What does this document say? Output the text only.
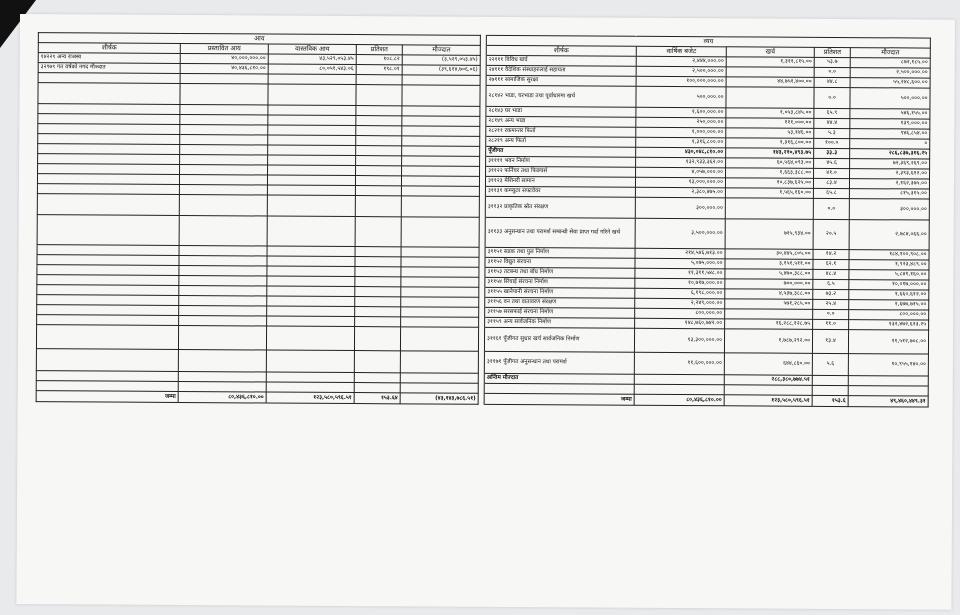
आय						व्यय				
शीर्षक	प्रस्तावित आय	वास्तविक आय	प्रतिशत	मौज्दात		शीर्षक	वार्षिक बजेट	खर्च	प्रतिशत	मौज्दात
१४२२९ अन्य राजस्व	४०,०००,०००.००	४३,५२९,०५३.४५	१०८.८२	(३,५२९,०५३.४५)		२२१११ विविध खर्च	२,४४४,०००.००	१,३११,८१५.००	५३.७	८७२,१८५.००
३२९७९ गत वर्षको नगद मौज्दात	४०,४३६,८१०.००	८०,०५१,५४३.०६	१९८.०१	(३९,६१४,७०६.०६)		२४१११ वैदेशिक संस्थाहरुलाई सहायता	२,५००,०००.००		०.०	२,५००,०००.००
						२७१११ सामाजिक सुरक्षा	१००,०००,०००.००	४४,७५१,४००.००	४४.८	५५,२४८,६००.००
						२८१४२ भाडा, घरभाडा तथा पूर्वाधारमा खर्च	५००,०००.००		०.०	५००,०००.००
						२८१४३ घर भाडा	१,६००,०००.००	१,०५३,८४५.००	६५.९	५४६,१५५.००
						२८१४९ अन्य भाडा	२५०,०००.००	१११,०००.००	४४.४	१३९,०००.००
						२८२११ रकमान्तर फिर्ता	१,०००,०००.००	५३,१४६.००	५.३	९४६,८५४.००
						२८२१९ अन्य फिर्ता	१,३१६,८००.००	१,३१६,८००.००	१००.०	०
						पूँजीगत	४३०,०४८,८१०.००	१४३,२१०,४९३.७५	३३.३	२८६,८३७,३१६.२५
						३११११ भवन निर्माण	१३२,९३३,३६२.००	६०,५६४,०९३.००	४५.६	७२,३६९,२६९.००
						३११२२ फर्निचर तथा फिक्चर्स	४,०५७,०००.००	१,६६३,३८८.००	४१.०	२,३९३,६१२.००
						३११२३ मेशिनरी सामान	१३,०००,०००.००	१०,८३७,६२५.००	८३.४	२,१६२,३७५.००
						३११३१ कम्प्युटर सफ्टवेयर	२,३८०,४७५.००	१,५६५,१६०.००	६५.८	८१५,३१५.००
						३११३२ प्राकृतिक स्रोत संरक्षण	३००,०००.००		०.०	३००,०००.००
						३११३३ अनुसन्धान तथा परामर्श सम्बन्धी सेवा प्राप्त गर्दा गरिने खर्च	३,५००,०००.००	७१५,९३४.००	२०.५	२,७८४,०६६.००
						३११५१ सडक तथा पुल निर्माण	२१४,५४६,७१३.००	३०,४४५,८०५.००	१४.२	१८४,१००,९०८.००
						३११५२ विद्युत संरचना	५,०७५,०००.००	३,१५१,५११.००	६२.१	१,९२३,४८९.००
						३११५३ तटबन्ध तथा बाँध निर्माण	११,३११,५४८.००	५,४७०,३८८.००	४८.४	५,८४१,१६०.००
						३११५४ सिंचाई संरचना निर्माण	१०,७१७,०००.००	७००,०००.००	६.५	१०,०१७,०००.००
						३११५५ खानेपानी संरचना निर्माण	६,१९८,०००.००	४,५३७,३८८.००	७३.२	१,६६०,६१२.००
						३११५६ वन तथा वातावरण संरक्षण	२,२४९,०००.००	५७१,२८५.००	२५.४	१,६७७,७१५.००
						३११५७ सरसफाई संरचना निर्माण	८००,०००.००		०.०	८००,०००.००
						३११५९ अन्य सार्वजनिक निर्माण	१४८,७६०,७४२.००	१६,२८८,१२८.७५	११.०	१३२,४७२,६१३.२५
						३११६१ पूँजीगत सुधार खर्च सार्वजनिक निर्माण	१३,३००,०००.००	१,७८७,२९२.००	१३.४	११,५१२,७०८.००
						३११७१ पूँजीगत अनुसन्धान तथा परामर्श	११,६००,०००.००	६४४,८६०.००	५.६	१०,९५५,१४०.००
						अन्तिम मौज्दात		२८८,३८०,७७४.५१		

जम्मा	८०,४३६,८१०.००	१२३,५८०,५९६.५१	१५३.६४	(४३,१४३,७८६.५१)		जम्मा	८०,४३६,८१०.००	१२३,५८०,५९६.५१	१५३.६	४९,४६०,४४९.३१
